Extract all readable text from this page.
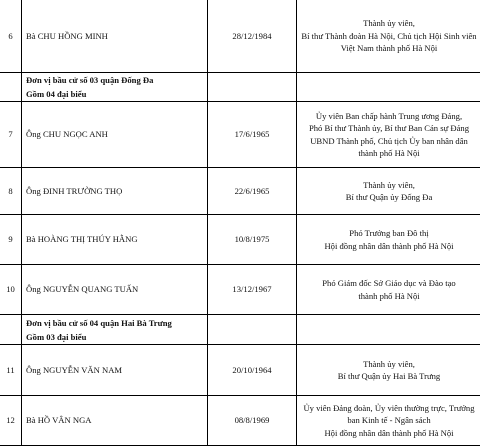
6	Bà CHU HỒNG MINH	28/12/1984	Thành ủy viên,
Bí thư Thành đoàn Hà Nội, Chủ tịch Hội Sinh viên
Việt Nam thành phố Hà Nội

	Đơn vị bầu cử số 03 quận Đống Đa
Gồm 04 đại biểu		

7	Ông CHU NGỌC ANH	17/6/1965	Ủy viên Ban chấp hành Trung ương Đảng,
Phó Bí thư Thành ủy, Bí thư Ban Cán sự Đảng
UBND Thành phố, Chủ tịch Ủy ban nhân dân
thành phố Hà Nội

8	Ông ĐINH TRƯỜNG THỌ	22/6/1965	Thành ủy viên,
Bí thư Quận ủy Đống Đa

9	Bà HOÀNG THỊ THÚY HẰNG	10/8/1975	Phó Trưởng ban Đô thị
Hội đồng nhân dân thành phố Hà Nội

10	Ông NGUYỄN QUANG TUẤN	13/12/1967	Phó Giám đốc Sở Giáo dục và Đào tạo
thành phố Hà Nội

	Đơn vị bầu cử số 04 quận Hai Bà Trưng
Gồm 03 đại biểu		

11	Ông NGUYỄN VĂN NAM	20/10/1964	Thành ủy viên,
Bí thư Quận ủy Hai Bà Trưng

12	Bà HỒ VÂN NGA	08/8/1969	Ủy viên Đảng đoàn, Ủy viên thường trực, Trưởng
ban Kinh tế - Ngân sách
Hội đồng nhân dân thành phố Hà Nội
